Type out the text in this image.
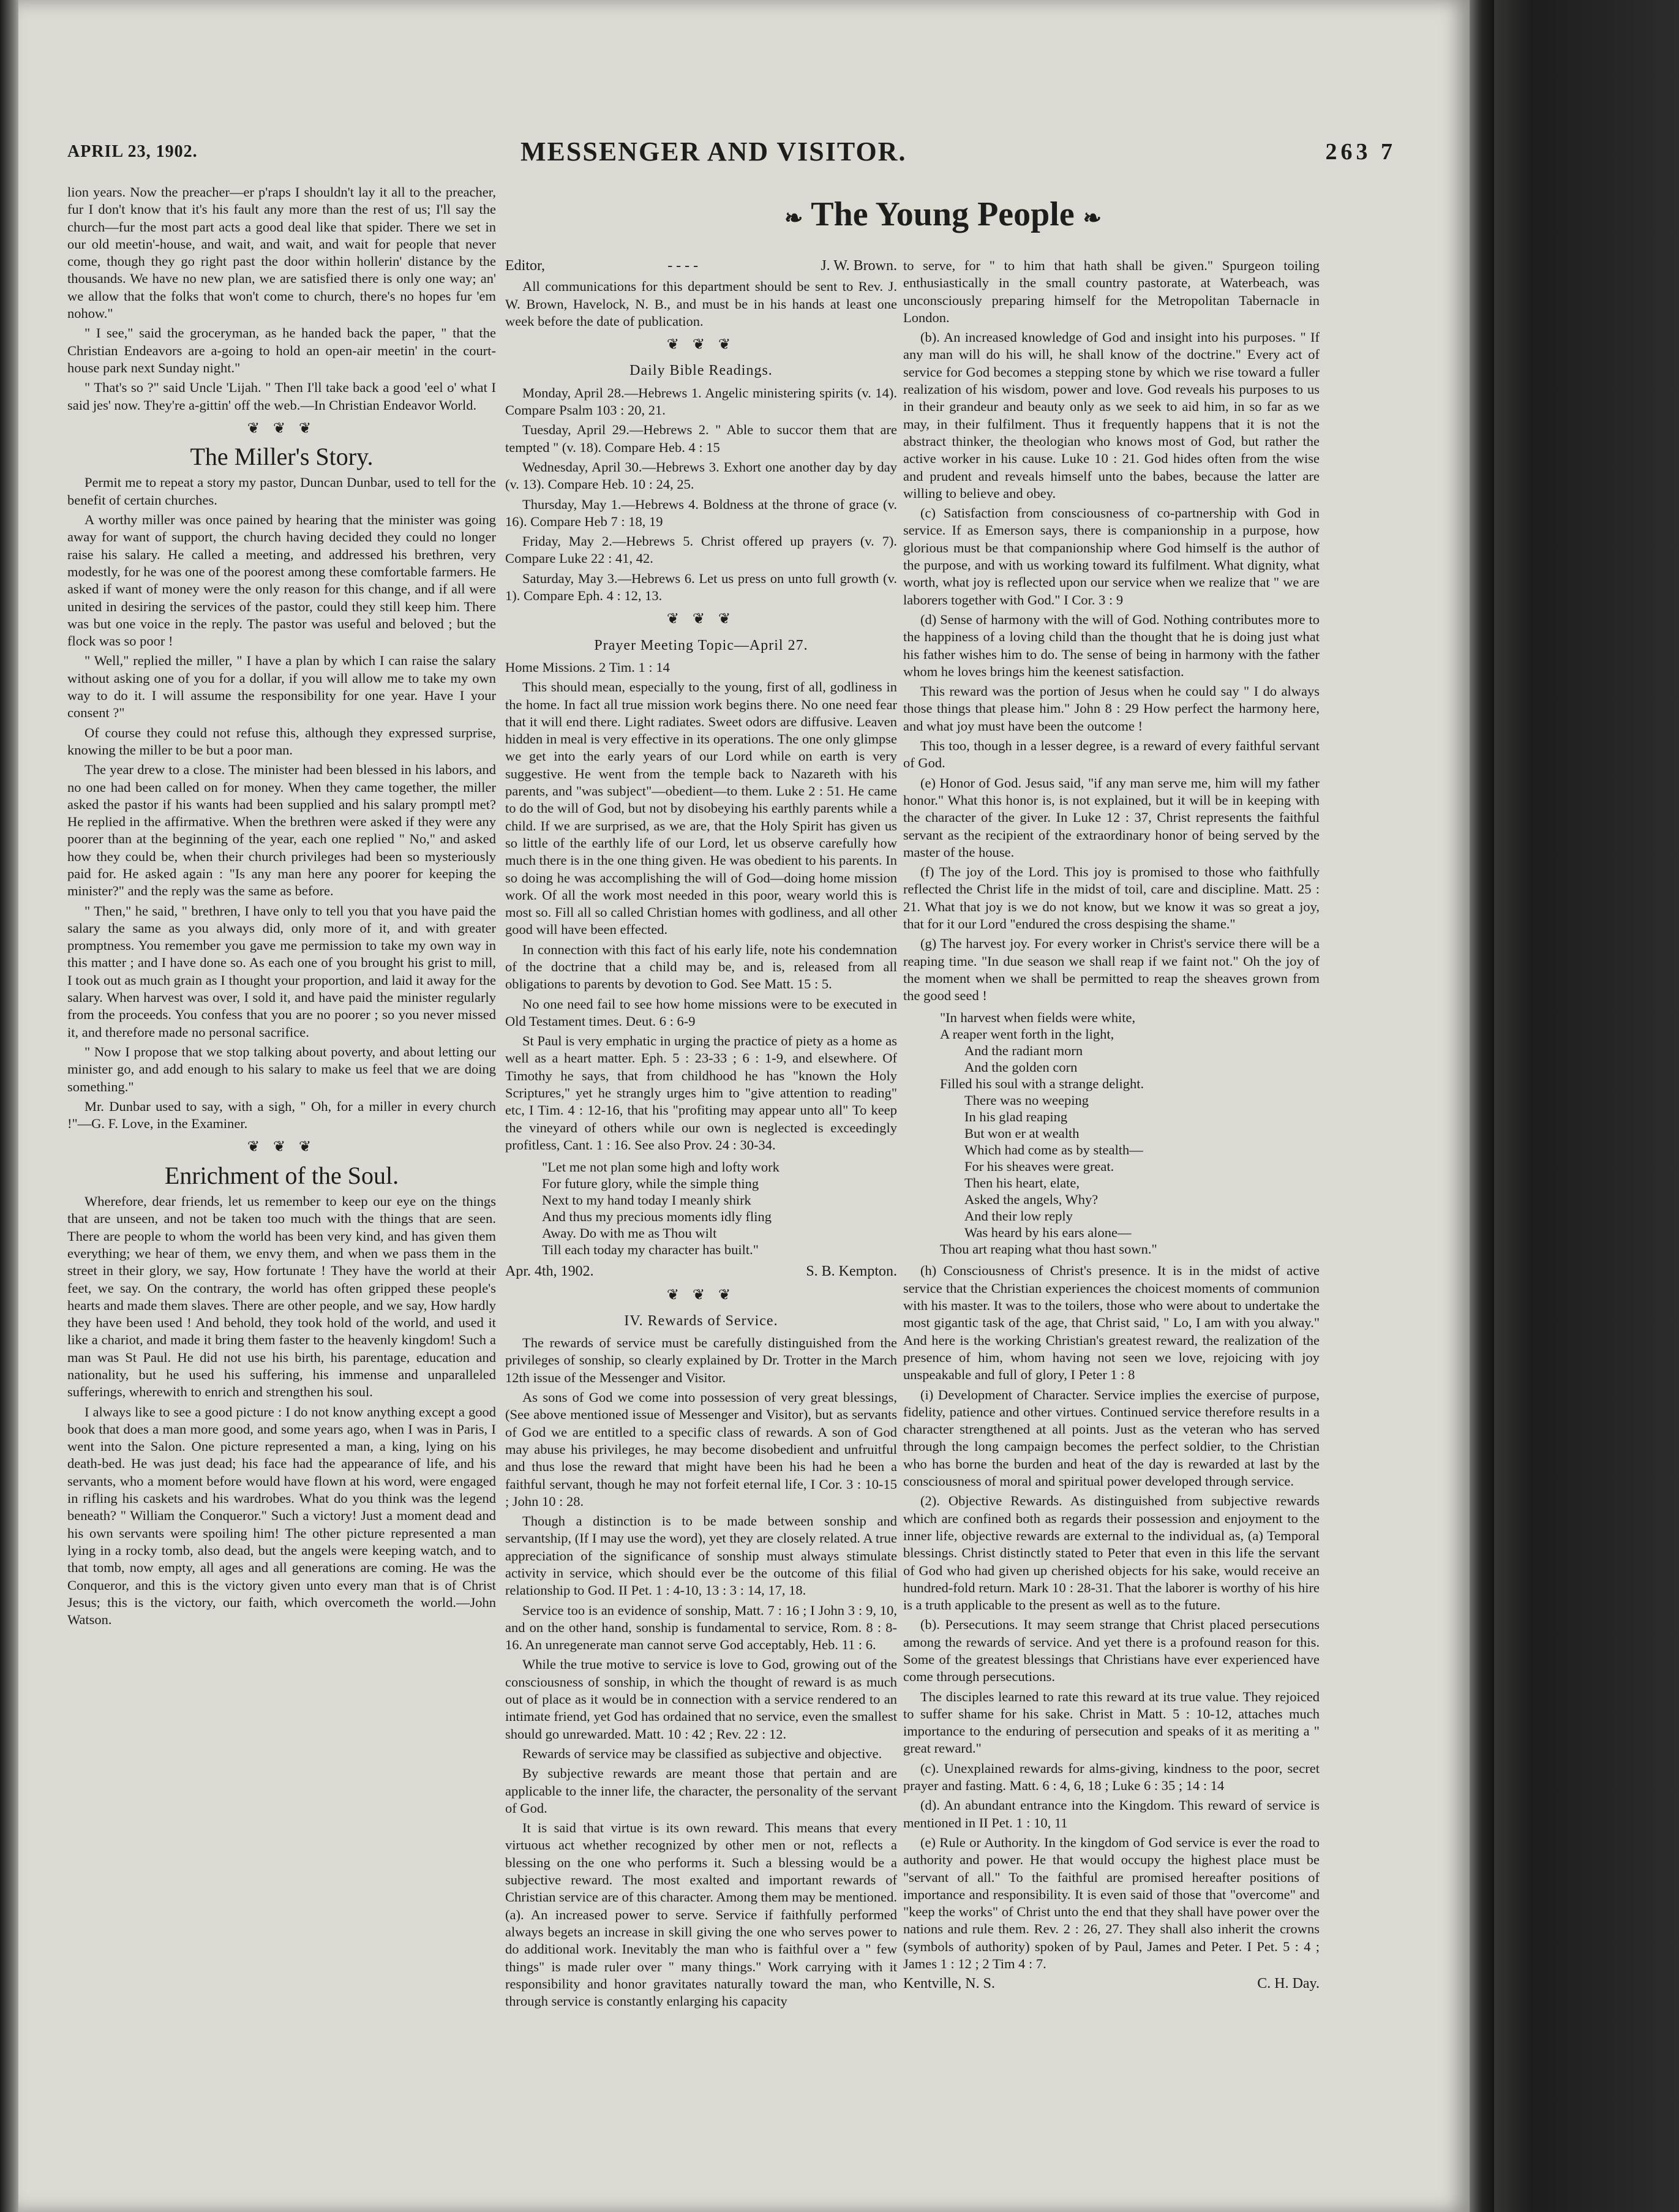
APRIL 23, 1902.	MESSENGER AND VISITOR.	263 7

lion years. Now the preacher—er p'raps I shouldn't lay it all to the preacher, fur I don't know that it's his fault any more than the rest of us; I'll say the church—fur the most part acts a good deal like that spider. There we set in our old meetin'-house, and wait, and wait, and wait for people that never come, though they go right past the door within hollerin' distance by the thousands. We have no new plan, we are satisfied there is only one way; an' we allow that the folks that won't come to church, there's no hopes fur 'em nohow."

" I see," said the groceryman, as he handed back the paper, " that the Christian Endeavors are a-going to hold an open-air meetin' in the court-house park next Sunday night."

" That's so ?" said Uncle 'Lijah. " Then I'll take back a good 'eel o' what I said jes' now. They're a-gittin' off the web.—In Christian Endeavor World.

❦ ❦ ❦
The Miller's Story.

Permit me to repeat a story my pastor, Duncan Dunbar, used to tell for the benefit of certain churches.

A worthy miller was once pained by hearing that the minister was going away for want of support, the church having decided they could no longer raise his salary. He called a meeting, and addressed his brethren, very modestly, for he was one of the poorest among these comfortable farmers. He asked if want of money were the only reason for this change, and if all were united in desiring the services of the pastor, could they still keep him. There was but one voice in the reply. The pastor was useful and beloved ; but the flock was so poor !

" Well," replied the miller, " I have a plan by which I can raise the salary without asking one of you for a dollar, if you will allow me to take my own way to do it. I will assume the responsibility for one year. Have I your consent ?"

Of course they could not refuse this, although they expressed surprise, knowing the miller to be but a poor man.

The year drew to a close. The minister had been blessed in his labors, and no one had been called on for money. When they came together, the miller asked the pastor if his wants had been supplied and his salary promptl met? He replied in the affirmative. When the brethren were asked if they were any poorer than at the beginning of the year, each one replied " No," and asked how they could be, when their church privileges had been so mysteriously paid for. He asked again : "Is any man here any poorer for keeping the minister?" and the reply was the same as before.

" Then," he said, " brethren, I have only to tell you that you have paid the salary the same as you always did, only more of it, and with greater promptness. You remember you gave me permission to take my own way in this matter ; and I have done so. As each one of you brought his grist to mill, I took out as much grain as I thought your proportion, and laid it away for the salary. When harvest was over, I sold it, and have paid the minister regularly from the proceeds. You confess that you are no poorer ; so you never missed it, and therefore made no personal sacrifice.

" Now I propose that we stop talking about poverty, and about letting our minister go, and add enough to his salary to make us feel that we are doing something."

Mr. Dunbar used to say, with a sigh, " Oh, for a miller in every church !"—G. F. Love, in the Examiner.

❦ ❦ ❦
Enrichment of the Soul.

Wherefore, dear friends, let us remember to keep our eye on the things that are unseen, and not be taken too much with the things that are seen. There are people to whom the world has been very kind, and has given them everything; we hear of them, we envy them, and when we pass them in the street in their glory, we say, How fortunate ! They have the world at their feet, we say. On the contrary, the world has often gripped these people's hearts and made them slaves. There are other people, and we say, How hardly they have been used ! And behold, they took hold of the world, and used it like a chariot, and made it bring them faster to the heavenly kingdom! Such a man was St Paul. He did not use his birth, his parentage, education and nationality, but he used his suffering, his immense and unparalleled sufferings, wherewith to enrich and strengthen his soul.

I always like to see a good picture : I do not know anything except a good book that does a man more good, and some years ago, when I was in Paris, I went into the Salon. One picture represented a man, a king, lying on his death-bed. He was just dead; his face had the appearance of life, and his servants, who a moment before would have flown at his word, were engaged in rifling his caskets and his wardrobes. What do you think was the legend beneath? " William the Conqueror." Such a victory! Just a moment dead and his own servants were spoiling him! The other picture represented a man lying in a rocky tomb, also dead, but the angels were keeping watch, and to that tomb, now empty, all ages and all generations are coming. He was the Conqueror, and this is the victory given unto every man that is of Christ Jesus; this is the victory, our faith, which overcometh the world.—John Watson.

❧ The Young People ❧
Editor,	- - - -	J. W. Brown.

All communications for this department should be sent to Rev. J. W. Brown, Havelock, N. B., and must be in his hands at least one week before the date of publication.

❦ ❦ ❦
Daily Bible Readings.

Monday, April 28.—Hebrews 1. Angelic ministering spirits (v. 14). Compare Psalm 103 : 20, 21.

Tuesday, April 29.—Hebrews 2. " Able to succor them that are tempted " (v. 18). Compare Heb. 4 : 15

Wednesday, April 30.—Hebrews 3. Exhort one another day by day (v. 13). Compare Heb. 10 : 24, 25.

Thursday, May 1.—Hebrews 4. Boldness at the throne of grace (v. 16). Compare Heb 7 : 18, 19

Friday, May 2.—Hebrews 5. Christ offered up prayers (v. 7). Compare Luke 22 : 41, 42.

Saturday, May 3.—Hebrews 6. Let us press on unto full growth (v. 1). Compare Eph. 4 : 12, 13.

❦ ❦ ❦
Prayer Meeting Topic—April 27.

Home Missions. 2 Tim. 1 : 14

This should mean, especially to the young, first of all, godliness in the home. In fact all true mission work begins there. No one need fear that it will end there. Light radiates. Sweet odors are diffusive. Leaven hidden in meal is very effective in its operations. The one only glimpse we get into the early years of our Lord while on earth is very suggestive. He went from the temple back to Nazareth with his parents, and "was subject"—obedient—to them. Luke 2 : 51. He came to do the will of God, but not by disobeying his earthly parents while a child. If we are surprised, as we are, that the Holy Spirit has given us so little of the earthly life of our Lord, let us observe carefully how much there is in the one thing given. He was obedient to his parents. In so doing he was accomplishing the will of God—doing home mission work. Of all the work most needed in this poor, weary world this is most so. Fill all so called Christian homes with godliness, and all other good will have been effected.

In connection with this fact of his early life, note his condemnation of the doctrine that a child may be, and is, released from all obligations to parents by devotion to God. See Matt. 15 : 5.

No one need fail to see how home missions were to be executed in Old Testament times. Deut. 6 : 6-9

St Paul is very emphatic in urging the practice of piety as a home as well as a heart matter. Eph. 5 : 23-33 ; 6 : 1-9, and elsewhere. Of Timothy he says, that from childhood he has "known the Holy Scriptures," yet he strangly urges him to "give attention to reading" etc, I Tim. 4 : 12-16, that his "profiting may appear unto all" To keep the vineyard of others while our own is neglected is exceedingly profitless, Cant. 1 : 16. See also Prov. 24 : 30-34.

"Let me not plan some high and lofty work
For future glory, while the simple thing
Next to my hand today I meanly shirk
And thus my precious moments idly fling
Away. Do with me as Thou wilt
Till each today my character has built."
Apr. 4th, 1902.	S. B. Kempton.
❦ ❦ ❦
IV. Rewards of Service.

The rewards of service must be carefully distinguished from the privileges of sonship, so clearly explained by Dr. Trotter in the March 12th issue of the Messenger and Visitor.

As sons of God we come into possession of very great blessings, (See above mentioned issue of Messenger and Visitor), but as servants of God we are entitled to a specific class of rewards. A son of God may abuse his privileges, he may become disobedient and unfruitful and thus lose the reward that might have been his had he been a faithful servant, though he may not forfeit eternal life, I Cor. 3 : 10-15 ; John 10 : 28.

Though a distinction is to be made between sonship and servantship, (If I may use the word), yet they are closely related. A true appreciation of the significance of sonship must always stimulate activity in service, which should ever be the outcome of this filial relationship to God. II Pet. 1 : 4-10, 13 : 3 : 14, 17, 18.

Service too is an evidence of sonship, Matt. 7 : 16 ; I John 3 : 9, 10, and on the other hand, sonship is fundamental to service, Rom. 8 : 8-16. An unregenerate man cannot serve God acceptably, Heb. 11 : 6.

While the true motive to service is love to God, growing out of the consciousness of sonship, in which the thought of reward is as much out of place as it would be in connection with a service rendered to an intimate friend, yet God has ordained that no service, even the smallest should go unrewarded. Matt. 10 : 42 ; Rev. 22 : 12.

Rewards of service may be classified as subjective and objective.

By subjective rewards are meant those that pertain and are applicable to the inner life, the character, the personality of the servant of God.

It is said that virtue is its own reward. This means that every virtuous act whether recognized by other men or not, reflects a blessing on the one who performs it. Such a blessing would be a subjective reward. The most exalted and important rewards of Christian service are of this character. Among them may be mentioned. (a). An increased power to serve. Service if faithfully performed always begets an increase in skill giving the one who serves power to do additional work. Inevitably the man who is faithful over a " few things" is made ruler over " many things." Work carrying with it responsibility and honor gravitates naturally toward the man, who through service is constantly enlarging his capacity

to serve, for " to him that hath shall be given." Spurgeon toiling enthusiastically in the small country pastorate, at Waterbeach, was unconsciously preparing himself for the Metropolitan Tabernacle in London.

(b). An increased knowledge of God and insight into his purposes. " If any man will do his will, he shall know of the doctrine." Every act of service for God becomes a stepping stone by which we rise toward a fuller realization of his wisdom, power and love. God reveals his purposes to us in their grandeur and beauty only as we seek to aid him, in so far as we may, in their fulfilment. Thus it frequently happens that it is not the abstract thinker, the theologian who knows most of God, but rather the active worker in his cause. Luke 10 : 21. God hides often from the wise and prudent and reveals himself unto the babes, because the latter are willing to believe and obey.

(c) Satisfaction from consciousness of co-partnership with God in service. If as Emerson says, there is companionship in a purpose, how glorious must be that companionship where God himself is the author of the purpose, and with us working toward its fulfilment. What dignity, what worth, what joy is reflected upon our service when we realize that " we are laborers together with God." I Cor. 3 : 9

(d) Sense of harmony with the will of God. Nothing contributes more to the happiness of a loving child than the thought that he is doing just what his father wishes him to do. The sense of being in harmony with the father whom he loves brings him the keenest satisfaction.

This reward was the portion of Jesus when he could say " I do always those things that please him." John 8 : 29 How perfect the harmony here, and what joy must have been the outcome !

This too, though in a lesser degree, is a reward of every faithful servant of God.

(e) Honor of God. Jesus said, "if any man serve me, him will my father honor." What this honor is, is not explained, but it will be in keeping with the character of the giver. In Luke 12 : 37, Christ represents the faithful servant as the recipient of the extraordinary honor of being served by the master of the house.

(f) The joy of the Lord. This joy is promised to those who faithfully reflected the Christ life in the midst of toil, care and discipline. Matt. 25 : 21. What that joy is we do not know, but we know it was so great a joy, that for it our Lord "endured the cross despising the shame."

(g) The harvest joy. For every worker in Christ's service there will be a reaping time. "In due season we shall reap if we faint not." Oh the joy of the moment when we shall be permitted to reap the sheaves grown from the good seed !

"In harvest when fields were white,
A reaper went forth in the light,
And the radiant morn
And the golden corn
Filled his soul with a strange delight.
There was no weeping
In his glad reaping
But won er at wealth
Which had come as by stealth—
For his sheaves were great.
Then his heart, elate,
Asked the angels, Why?
And their low reply
Was heard by his ears alone—
Thou art reaping what thou hast sown."

(h) Consciousness of Christ's presence. It is in the midst of active service that the Christian experiences the choicest moments of communion with his master. It was to the toilers, those who were about to undertake the most gigantic task of the age, that Christ said, " Lo, I am with you alway." And here is the working Christian's greatest reward, the realization of the presence of him, whom having not seen we love, rejoicing with joy unspeakable and full of glory, I Peter 1 : 8

(i) Development of Character. Service implies the exercise of purpose, fidelity, patience and other virtues. Continued service therefore results in a character strengthened at all points. Just as the veteran who has served through the long campaign becomes the perfect soldier, to the Christian who has borne the burden and heat of the day is rewarded at last by the consciousness of moral and spiritual power developed through service.

(2). Objective Rewards. As distinguished from subjective rewards which are confined both as regards their possession and enjoyment to the inner life, objective rewards are external to the individual as, (a) Temporal blessings. Christ distinctly stated to Peter that even in this life the servant of God who had given up cherished objects for his sake, would receive an hundred-fold return. Mark 10 : 28-31. That the laborer is worthy of his hire is a truth applicable to the present as well as to the future.

(b). Persecutions. It may seem strange that Christ placed persecutions among the rewards of service. And yet there is a profound reason for this. Some of the greatest blessings that Christians have ever experienced have come through persecutions.

The disciples learned to rate this reward at its true value. They rejoiced to suffer shame for his sake. Christ in Matt. 5 : 10-12, attaches much importance to the enduring of persecution and speaks of it as meriting a " great reward."

(c). Unexplained rewards for alms-giving, kindness to the poor, secret prayer and fasting. Matt. 6 : 4, 6, 18 ; Luke 6 : 35 ; 14 : 14

(d). An abundant entrance into the Kingdom. This reward of service is mentioned in II Pet. 1 : 10, 11

(e) Rule or Authority. In the kingdom of God service is ever the road to authority and power. He that would occupy the highest place must be "servant of all." To the faithful are promised hereafter positions of importance and responsibility. It is even said of those that "overcome" and "keep the works" of Christ unto the end that they shall have power over the nations and rule them. Rev. 2 : 26, 27. They shall also inherit the crowns (symbols of authority) spoken of by Paul, James and Peter. I Pet. 5 : 4 ; James 1 : 12 ; 2 Tim 4 : 7.

Kentville, N. S.	C. H. Day.
